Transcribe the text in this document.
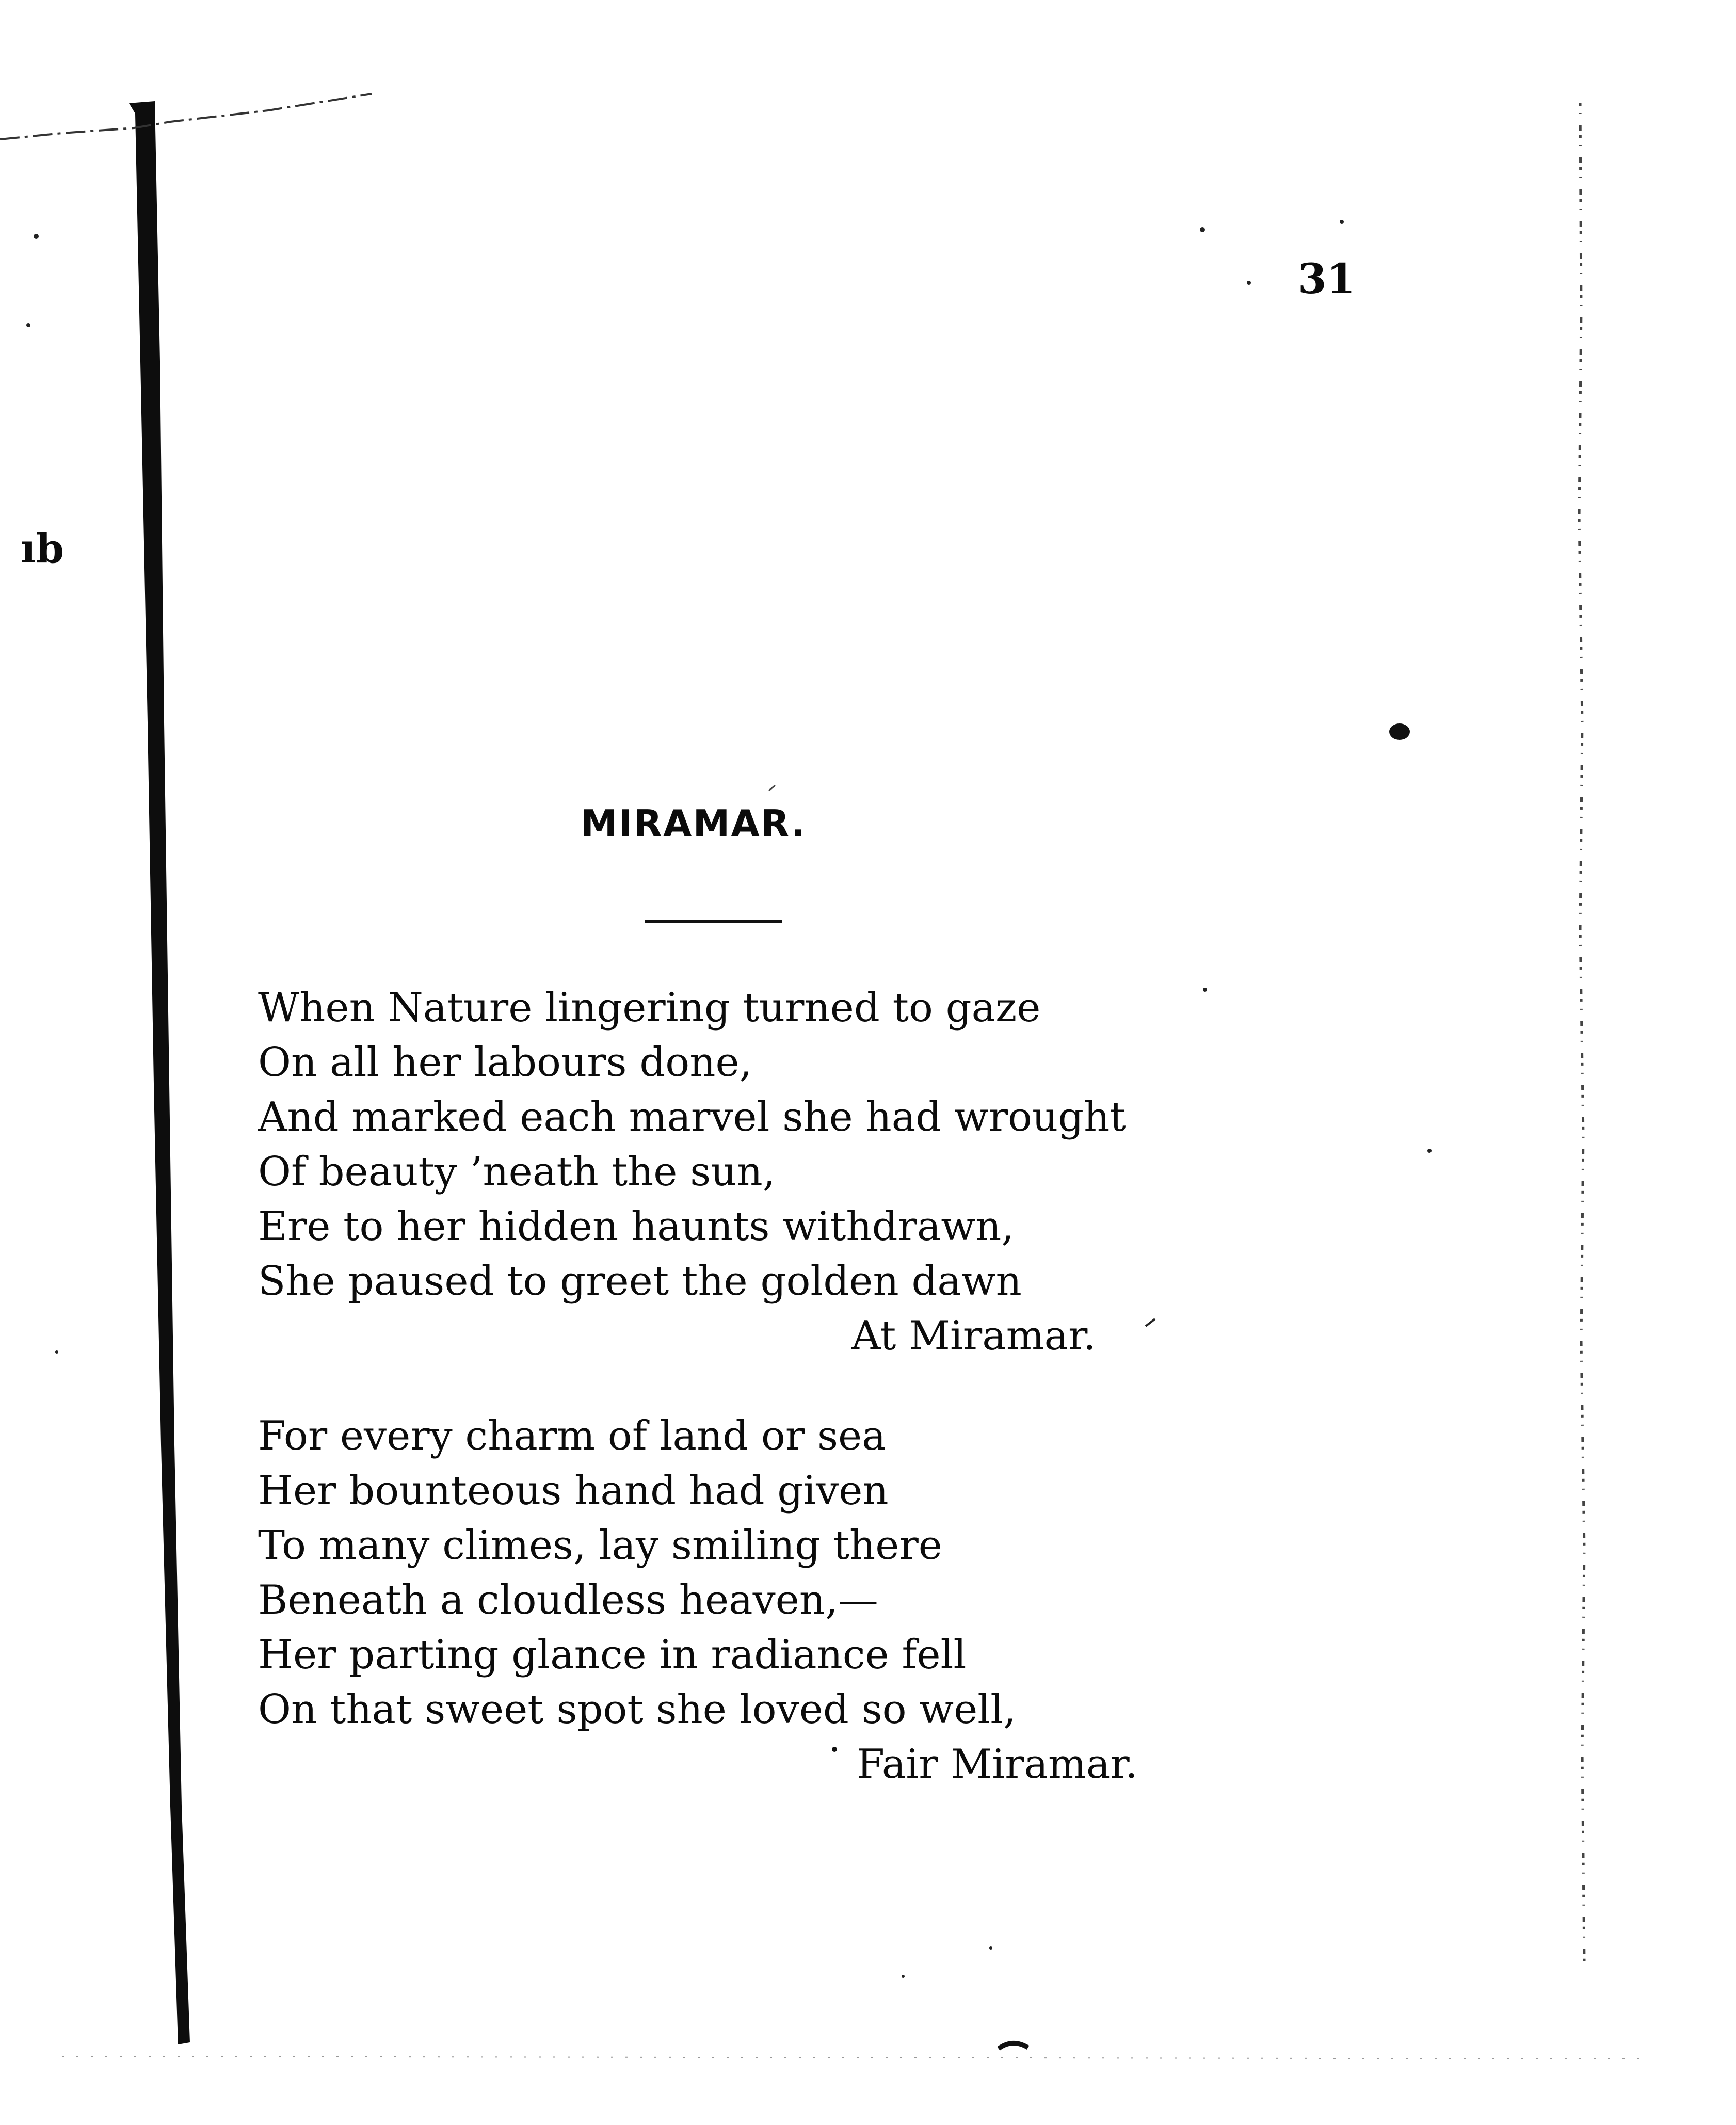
31
ıb
MIRAMAR.
When Nature lingering turned to gaze
On all her labours done,
And marked each marvel she had wrought
Of beauty ’neath the sun,
Ere to her hidden haunts withdrawn,
She paused to greet the golden dawn
At Miramar.
For every charm of land or sea
Her bounteous hand had given
To many climes, lay smiling there
Beneath a cloudless heaven,—
Her parting glance in radiance fell
On that sweet spot she loved so well,
Fair Miramar.
